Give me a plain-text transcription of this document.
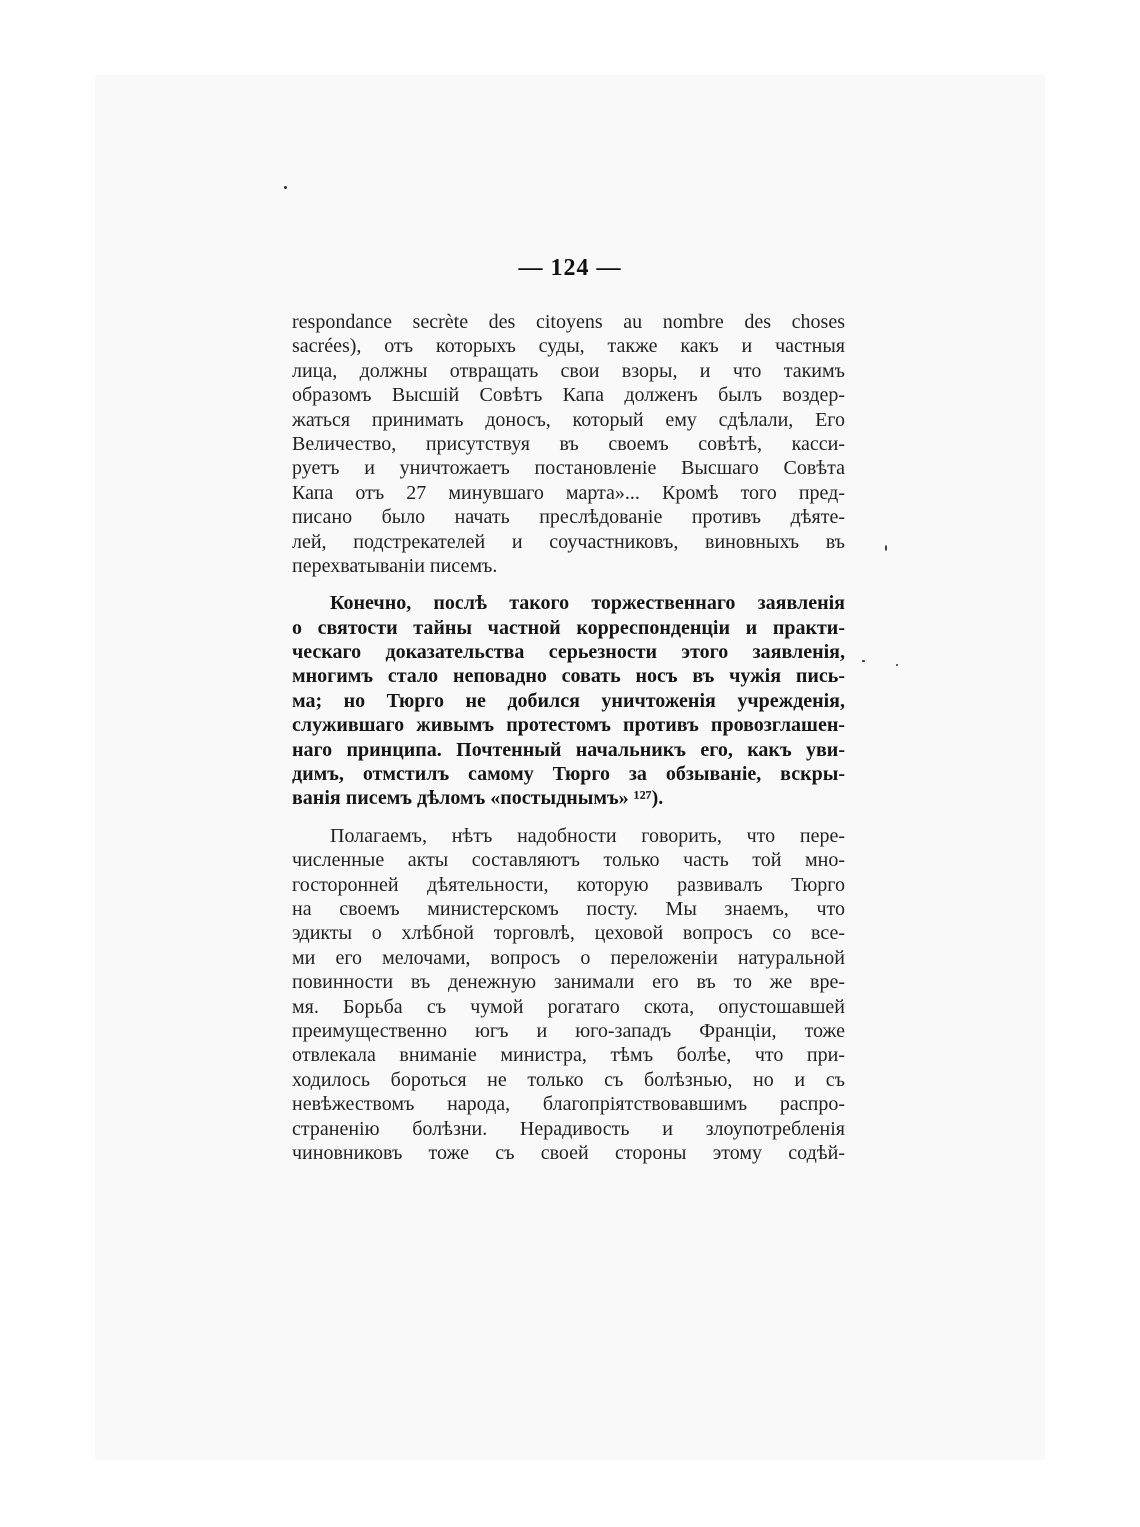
— 124 —
respondance secrète des citoyens au nombre des choses
sacrées), отъ которыхъ суды, также какъ и частныя
лица, должны отвращать свои взоры, и что такимъ
образомъ Высшій Совѣтъ Капа долженъ былъ воздер-
жаться принимать доносъ, который ему сдѣлали, Его
Величество, присутствуя въ своемъ совѣтѣ, касси-
руетъ и уничтожаетъ постановленіе Высшаго Совѣта
Капа отъ 27 минувшаго марта»... Кромѣ того пред-
писано было начать преслѣдованіе противъ дѣяте-
лей, подстрекателей и соучастниковъ, виновныхъ въ
перехватываніи писемъ.
Конечно, послѣ такого торжественнаго заявленія
о святости тайны частной корреспонденціи и практи-
ческаго доказательства серьезности этого заявленія,
многимъ стало неповадно совать носъ въ чужія пись-
ма; но Тюрго не добился уничтоженія учрежденія,
служившаго живымъ протестомъ противъ провозглашен-
наго принципа. Почтенный начальникъ его, какъ уви-
димъ, отмстилъ самому Тюрго за обзываніе, вскры-
ванія писемъ дѣломъ «постыднымъ» ¹²⁷).
Полагаемъ, нѣтъ надобности говорить, что пере-
численные акты составляютъ только часть той мно-
госторонней дѣятельности, которую развивалъ Тюрго
на своемъ министерскомъ посту. Мы знаемъ, что
эдикты о хлѣбной торговлѣ, цеховой вопросъ со все-
ми его мелочами, вопросъ о переложеніи натуральной
повинности въ денежную занимали его въ то же вре-
мя. Борьба съ чумой рогатаго скота, опустошавшей
преимущественно югъ и юго-западъ Франціи, тоже
отвлекала вниманіе министра, тѣмъ болѣе, что при-
ходилось бороться не только съ болѣзнью, но и съ
невѣжествомъ народа, благопріятствовавшимъ распро-
страненію болѣзни. Нерадивость и злоупотребленія
чиновниковъ тоже съ своей стороны этому содѣй-
